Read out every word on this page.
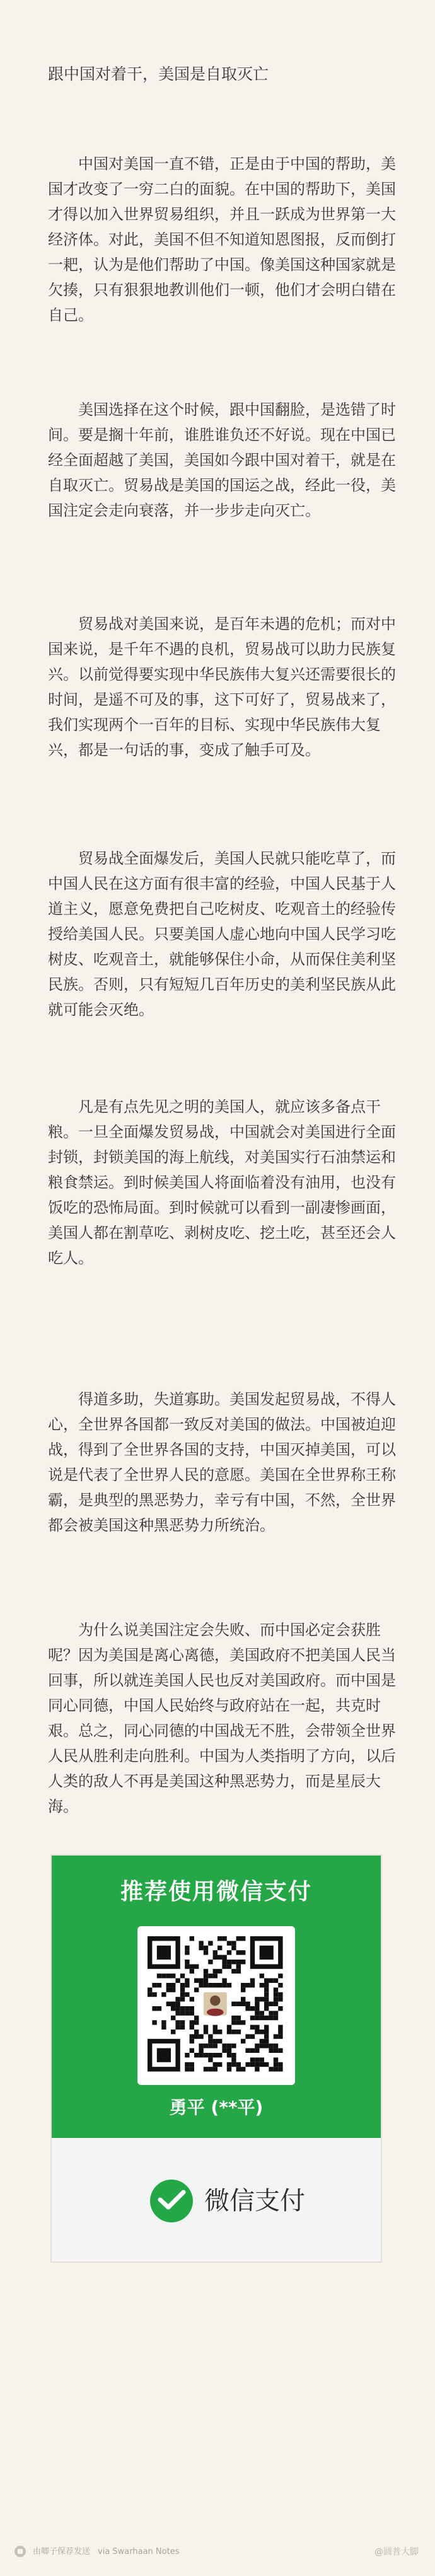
跟中国对着干，美国是自取灭亡

中国对美国一直不错，正是由于中国的帮助，美国才改变了一穷二白的面貌。在中国的帮助下，美国才得以加入世界贸易组织，并且一跃成为世界第一大经济体。对此，美国不但不知道知恩图报，反而倒打一耙，认为是他们帮助了中国。像美国这种国家就是欠揍，只有狠狠地教训他们一顿，他们才会明白错在自己。

美国选择在这个时候，跟中国翻脸，是选错了时间。要是搁十年前，谁胜谁负还不好说。现在中国已经全面超越了美国，美国如今跟中国对着干，就是在自取灭亡。贸易战是美国的国运之战，经此一役，美国注定会走向衰落，并一步步走向灭亡。

贸易战对美国来说，是百年未遇的危机；而对中国来说，是千年不遇的良机，贸易战可以助力民族复兴。以前觉得要实现中华民族伟大复兴还需要很长的时间，是遥不可及的事，这下可好了，贸易战来了，我们实现两个一百年的目标、实现中华民族伟大复兴，都是一句话的事，变成了触手可及。

贸易战全面爆发后，美国人民就只能吃草了，而中国人民在这方面有很丰富的经验，中国人民基于人道主义，愿意免费把自己吃树皮、吃观音土的经验传授给美国人民。只要美国人虚心地向中国人民学习吃树皮、吃观音土，就能够保住小命，从而保住美利坚民族。否则，只有短短几百年历史的美利坚民族从此就可能会灭绝。

凡是有点先见之明的美国人，就应该多备点干粮。一旦全面爆发贸易战，中国就会对美国进行全面封锁，封锁美国的海上航线，对美国实行石油禁运和粮食禁运。到时候美国人将面临着没有油用，也没有饭吃的恐怖局面。到时候就可以看到一副凄惨画面，美国人都在割草吃、剥树皮吃、挖土吃，甚至还会人吃人。

得道多助，失道寡助。美国发起贸易战，不得人心，全世界各国都一致反对美国的做法。中国被迫迎战，得到了全世界各国的支持，中国灭掉美国，可以说是代表了全世界人民的意愿。美国在全世界称王称霸，是典型的黑恶势力，幸亏有中国，不然，全世界都会被美国这种黑恶势力所统治。

为什么说美国注定会失败、而中国必定会获胜呢？因为美国是离心离德，美国政府不把美国人民当回事，所以就连美国人民也反对美国政府。而中国是同心同德，中国人民始终与政府站在一起，共克时艰。总之，同心同德的中国战无不胜，会带领全世界人民从胜利走向胜利。中国为人类指明了方向，以后人类的敌人不再是美国这种黑恶势力，而是星辰大海。

推荐使用微信支付
勇平 (**平)
微信支付
由唧子保荐发送 via Swarhaan Notes	@圆普大脚
